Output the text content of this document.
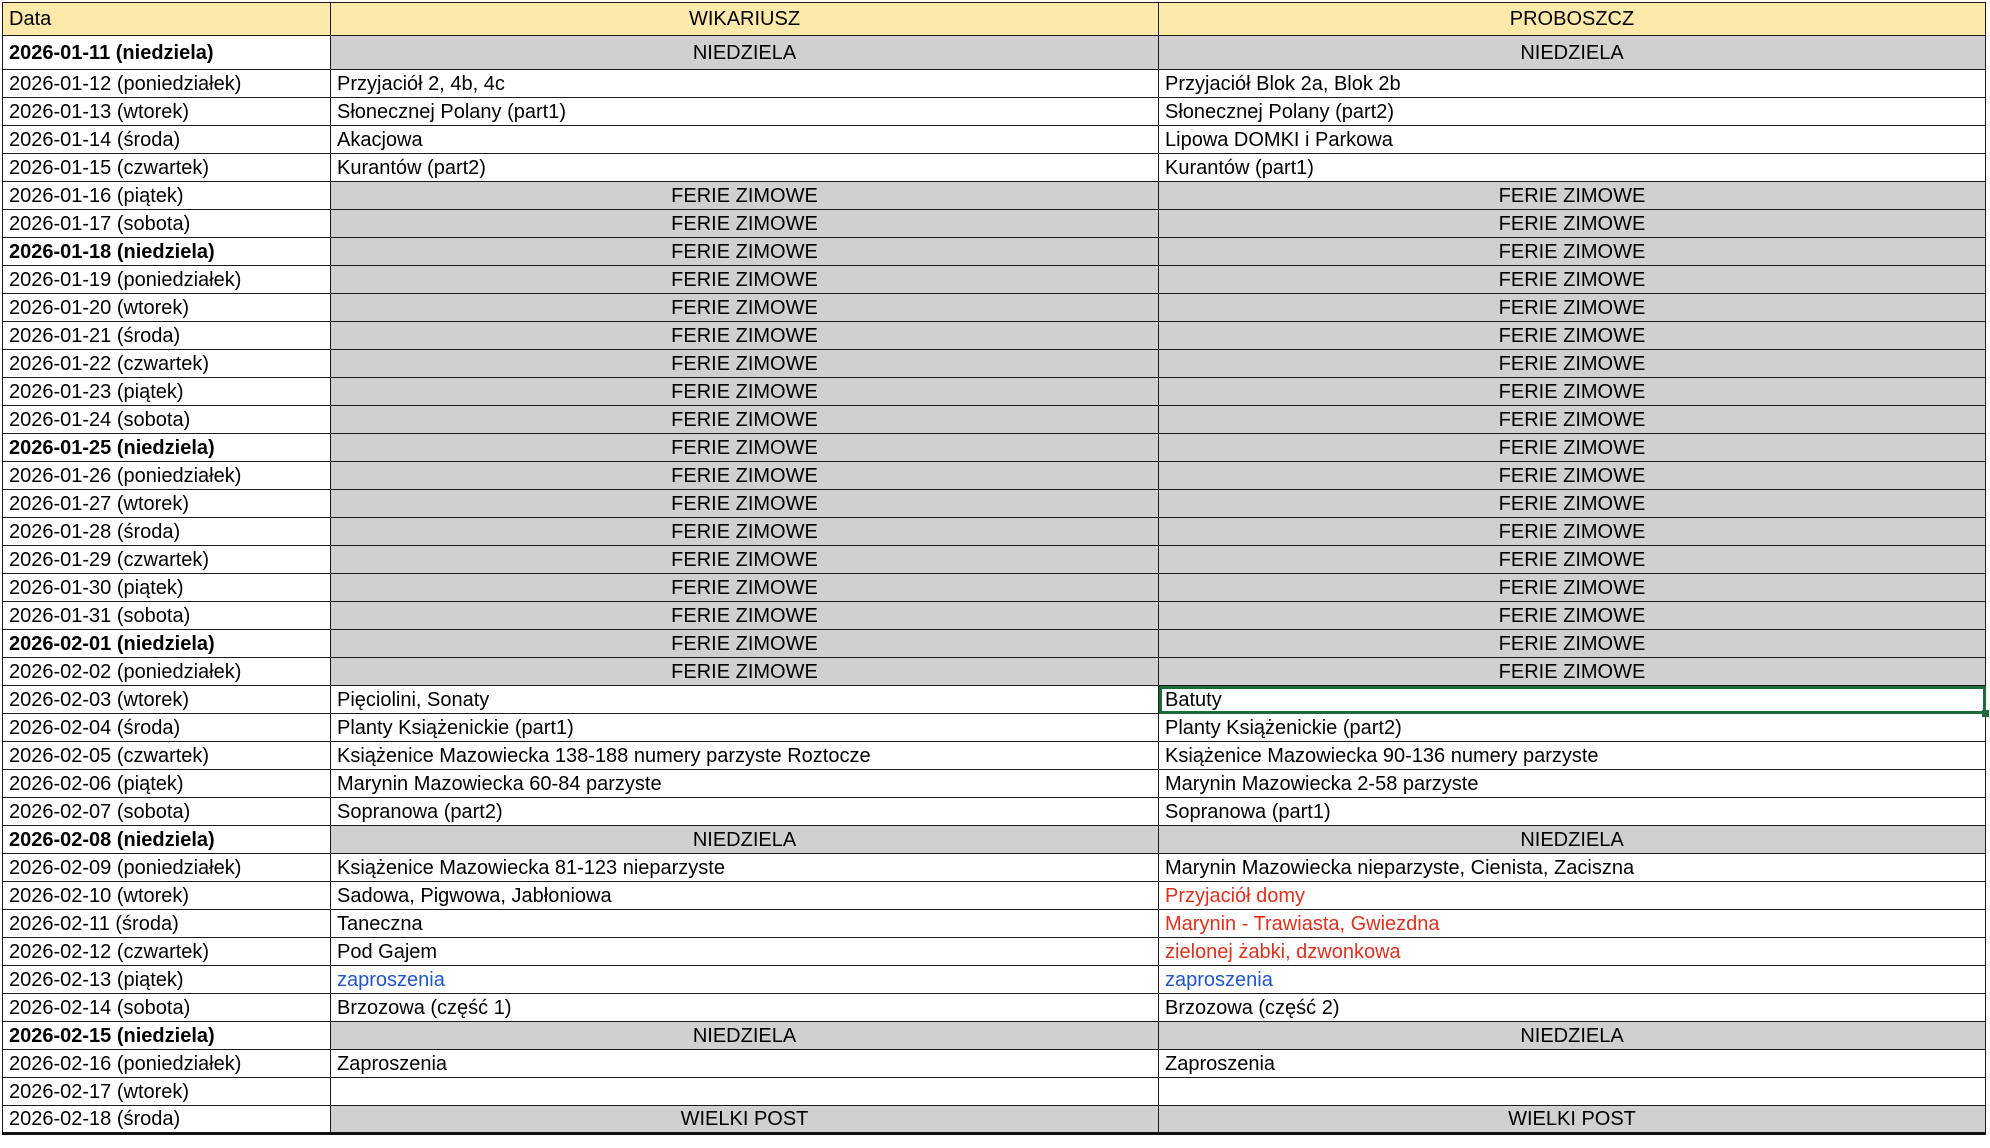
Data	WIKARIUSZ	PROBOSZCZ
2026-01-11 (niedziela)	NIEDZIELA	NIEDZIELA
2026-01-12 (poniedziałek)	Przyjaciół 2, 4b, 4c	Przyjaciół Blok 2a, Blok 2b
2026-01-13 (wtorek)	Słonecznej Polany (part1)	Słonecznej Polany (part2)
2026-01-14 (środa)	Akacjowa	Lipowa DOMKI i Parkowa
2026-01-15 (czwartek)	Kurantów (part2)	Kurantów (part1)
2026-01-16 (piątek)	FERIE ZIMOWE	FERIE ZIMOWE
2026-01-17 (sobota)	FERIE ZIMOWE	FERIE ZIMOWE
2026-01-18 (niedziela)	FERIE ZIMOWE	FERIE ZIMOWE
2026-01-19 (poniedziałek)	FERIE ZIMOWE	FERIE ZIMOWE
2026-01-20 (wtorek)	FERIE ZIMOWE	FERIE ZIMOWE
2026-01-21 (środa)	FERIE ZIMOWE	FERIE ZIMOWE
2026-01-22 (czwartek)	FERIE ZIMOWE	FERIE ZIMOWE
2026-01-23 (piątek)	FERIE ZIMOWE	FERIE ZIMOWE
2026-01-24 (sobota)	FERIE ZIMOWE	FERIE ZIMOWE
2026-01-25 (niedziela)	FERIE ZIMOWE	FERIE ZIMOWE
2026-01-26 (poniedziałek)	FERIE ZIMOWE	FERIE ZIMOWE
2026-01-27 (wtorek)	FERIE ZIMOWE	FERIE ZIMOWE
2026-01-28 (środa)	FERIE ZIMOWE	FERIE ZIMOWE
2026-01-29 (czwartek)	FERIE ZIMOWE	FERIE ZIMOWE
2026-01-30 (piątek)	FERIE ZIMOWE	FERIE ZIMOWE
2026-01-31 (sobota)	FERIE ZIMOWE	FERIE ZIMOWE
2026-02-01 (niedziela)	FERIE ZIMOWE	FERIE ZIMOWE
2026-02-02 (poniedziałek)	FERIE ZIMOWE	FERIE ZIMOWE
2026-02-03 (wtorek)	Pięciolini, Sonaty	Batuty
2026-02-04 (środa)	Planty Książenickie (part1)	Planty Książenickie (part2)
2026-02-05 (czwartek)	Książenice Mazowiecka 138-188 numery parzyste Roztocze	Książenice Mazowiecka 90-136 numery parzyste
2026-02-06 (piątek)	Marynin Mazowiecka 60-84 parzyste	Marynin Mazowiecka 2-58 parzyste
2026-02-07 (sobota)	Sopranowa (part2)	Sopranowa (part1)
2026-02-08 (niedziela)	NIEDZIELA	NIEDZIELA
2026-02-09 (poniedziałek)	Książenice Mazowiecka 81-123 nieparzyste	Marynin Mazowiecka nieparzyste, Cienista, Zaciszna
2026-02-10 (wtorek)	Sadowa, Pigwowa, Jabłoniowa	Przyjaciół domy
2026-02-11 (środa)	Taneczna	Marynin - Trawiasta, Gwiezdna
2026-02-12 (czwartek)	Pod Gajem	zielonej żabki, dzwonkowa
2026-02-13 (piątek)	zaproszenia	zaproszenia
2026-02-14 (sobota)	Brzozowa (część 1)	Brzozowa (część 2)
2026-02-15 (niedziela)	NIEDZIELA	NIEDZIELA
2026-02-16 (poniedziałek)	Zaproszenia	Zaproszenia
2026-02-17 (wtorek)		
2026-02-18 (środa)	WIELKI POST	WIELKI POST
